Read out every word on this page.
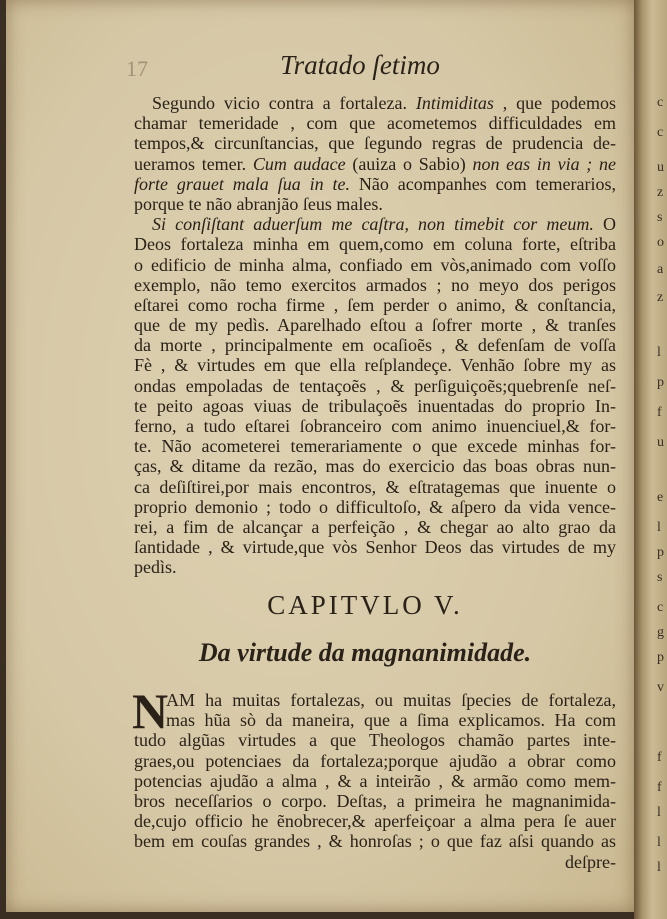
17	Tratado ſetimo
Segundo vicio contra a fortaleza. Intimiditas , que podemos
chamar temeridade , com que acometemos difficuldades em
tempos,& circunſtancias, que ſegundo regras de prudencia de-
ueramos temer. Cum audace (auiza o Sabio) non eas in via ; ne
forte grauet mala ſua in te. Não acompanhes com temerarios,
porque te não abranjão ſeus males.
Si conſiſtant aduerſum me caſtra, non timebit cor meum. O
Deos fortaleza minha em quem,como em coluna forte, eſtriba
o edificio de minha alma, confiado em vòs,animado com voſſo
exemplo, não temo exercitos armados ; no meyo dos perigos
eſtarei como rocha firme , ſem perder o animo, & conſtancia,
que de my pedìs. Aparelhado eſtou a ſofrer morte , & tranſes
da morte , principalmente em ocaſioẽs , & defenſam de voſſa
Fè , & virtudes em que ella reſplandeçe. Venhão ſobre my as
ondas empoladas de tentaçoẽs , & perſiguiçoẽs;quebrenſe neſ-
te peito agoas viuas de tribulaçoẽs inuentadas do proprio In-
ferno, a tudo eſtarei ſobranceiro com animo inuenciuel,& for-
te. Não acometerei temerariamente o que excede minhas for-
ças, & ditame da rezão, mas do exercicio das boas obras nun-
ca deſiſtirei,por mais encontros, & eſtratagemas que inuente o
proprio demonio ; todo o difficultoſo, & aſpero da vida vence-
rei, a fim de alcançar a perfeição , & chegar ao alto grao da
ſantidade , & virtude,que vòs Senhor Deos das virtudes de my
pedìs.
CAPITVLO V.
Da virtude da magnanimidade.
N
AM ha muitas fortalezas, ou muitas ſpecies de fortaleza,
mas hũa sò da maneira, que a ſima explicamos. Ha com
tudo algũas virtudes a que Theologos chamão partes inte-
graes,ou potenciaes da fortaleza;porque ajudão a obrar como
potencias ajudão a alma , & a inteirão , & armão como mem-
bros neceſſarios o corpo. Deſtas, a primeira he magnanimida-
de,cujo officio he ẽnobrecer,& aperfeiçoar a alma pera ſe auer
bem em couſas grandes , & honroſas ; o que faz aſsi quando as
deſpre-
c
c
u
z
s
o
a
z
l
p
f
u
e
l
p
s
c
g
p
v
f
f
l
l
l
